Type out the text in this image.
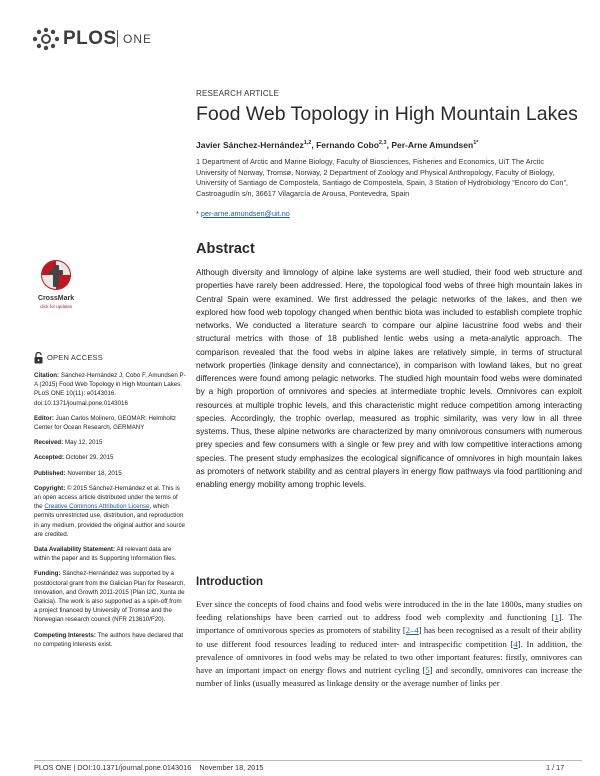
PLOS ONE
RESEARCH ARTICLE
Food Web Topology in High Mountain Lakes
Javier Sánchez-Hernández$^{1,2}$, Fernando Cobo$^{2,3}$, Per-Arne Amundsen$^{1*}$
1 Department of Arctic and Marine Biology, Faculty of Biosciences, Fisheries and Economics, UiT The Arctic University of Norway, Tromsø, Norway, 2 Department of Zoology and Physical Anthropology, Faculty of Biology, University of Santiago de Compostela, Santiago de Compostela, Spain, 3 Station of Hydrobiology “Encoro do Con”, Castroagudín s/n, 36617 Vilagarcía de Arousa, Pontevedra, Spain
* per-arne.amundsen@uit.no
Abstract

Although diversity and limnology of alpine lake systems are well studied, their food web structure and properties have rarely been addressed. Here, the topological food webs of three high mountain lakes in Central Spain were examined. We first addressed the pelagic networks of the lakes, and then we explored how food web topology changed when benthic biota was included to establish complete trophic networks. We conducted a literature search to compare our alpine lacustrine food webs and their structural metrics with those of 18 published lentic webs using a meta-analytic approach. The comparison revealed that the food webs in alpine lakes are relatively simple, in terms of structural network properties (linkage density and connectance), in comparison with lowland lakes, but no great differences were found among pelagic networks. The studied high mountain food webs were dominated by a high proportion of omnivores and species at intermediate trophic levels. Omnivores can exploit resources at multiple trophic levels, and this characteristic might reduce competition among interacting species. Accordingly, the trophic overlap, measured as trophic similarity, was very low in all three systems. Thus, these alpine networks are characterized by many omnivorous consumers with numerous prey species and few consumers with a single or few prey and with low competitive interactions among species. The present study emphasizes the ecological significance of omnivores in high mountain lakes as promoters of network stability and as central players in energy flow pathways via food partitioning and enabling energy mobility among trophic levels.

CrossMark
click for updates
OPEN ACCESS
Citation: Sánchez-Hernández J, Cobo F, Amundsen P-A (2015) Food Web Topology in High Mountain Lakes. PLoS ONE 10(11): e0143016. doi:10.1371/journal.pone.0143016
Editor: Juan Carlos Molinero, GEOMAR: Helmholtz Center for Ocean Research, GERMANY
Received: May 12, 2015
Accepted: October 29, 2015
Published: November 18, 2015
Copyright: © 2015 Sánchez-Hernández et al. This is an open access article distributed under the terms of the Creative Commons Attribution License, which permits unrestricted use, distribution, and reproduction in any medium, provided the original author and source are credited.
Data Availability Statement: All relevant data are within the paper and its Supporting Information files.
Funding: Sánchez-Hernández was supported by a postdoctoral grant from the Galician Plan for Research, Innovation, and Growth 2011-2015 (Plan I2C, Xunta de Galicia). The work is also supported as a spin-off from a project financed by University of Tromsø and the Norwegian research council (NFR 213610/F20).
Competing Interests: The authors have declared that no competing interests exist.
Introduction

Ever since the concepts of food chains and food webs were introduced in the in the late 1800s, many studies on feeding relationships have been carried out to address food web complexity and functioning [1]. The importance of omnivorous species as promoters of stability [2–4] has been recognised as a result of their ability to use different food resources leading to reduced inter- and intraspecific competition [4]. In addition, the prevalence of omnivores in food webs may be related to two other important features: firstly, omnivores can have an important impact on energy flows and nutrient cycling [5] and secondly, omnivores can increase the number of links (usually measured as linkage density or the average number of links per

PLOS ONE | DOI:10.1371/journal.pone.0143016    November 18, 2015	1 / 17
